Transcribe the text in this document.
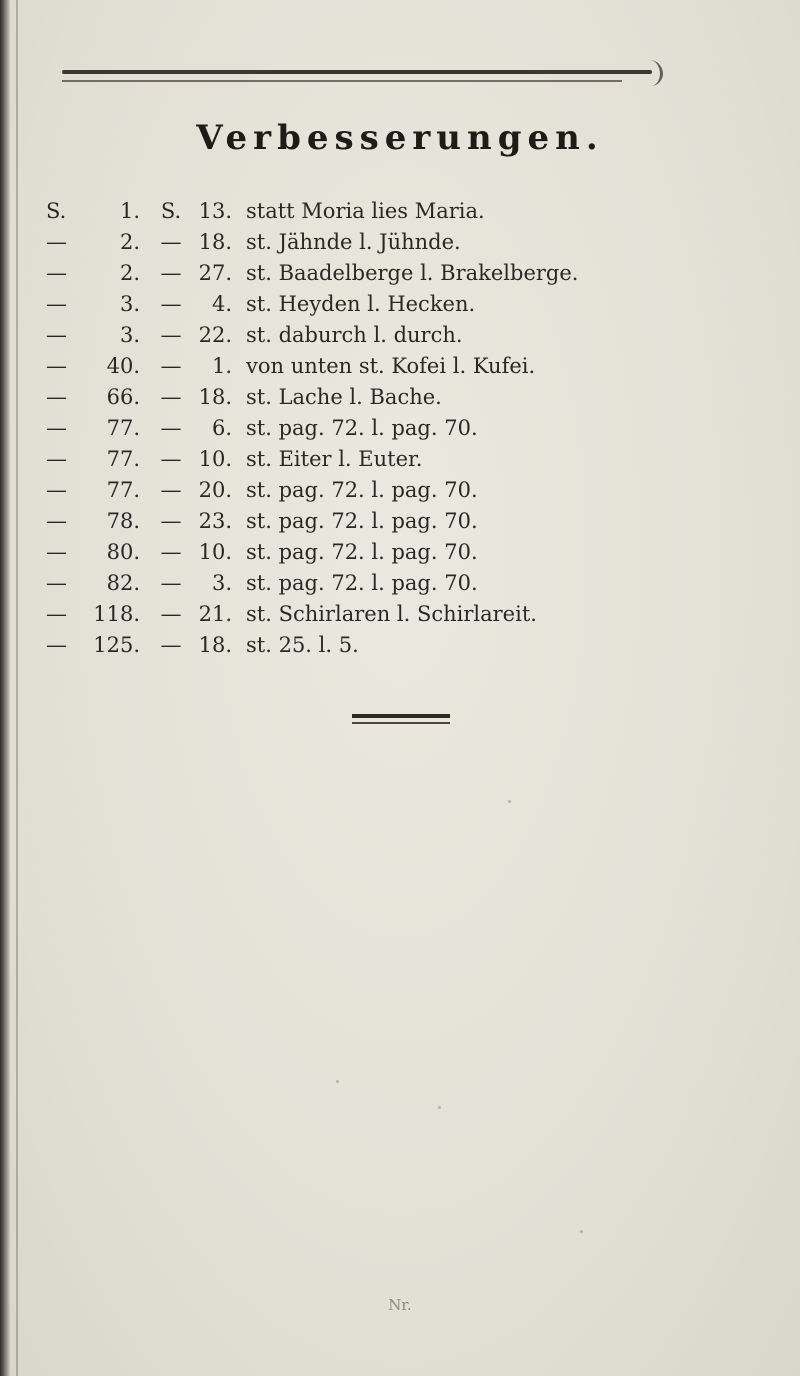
Verbesserungen.
S.	1. S. 13. statt Moria lies Maria.
—	2. — 18. st. Jähnde l. Jühnde.
—	2. — 27. st. Baadelberge l. Brakelberge.
—	3. —	4. st. Heyden l. Hecken.
—	3. — 22. st. daburch l. durch.
—	40. —	1. von unten st. Kofei l. Kufei.
—	66. — 18. st. Lache l. Bache.
—	77. —	6. st. pag. 72. l. pag. 70.
—	77. — 10. st. Eiter l. Euter.
—	77. — 20. st. pag. 72. l. pag. 70.
—	78. — 23. st. pag. 72. l. pag. 70.
—	80. — 10. st. pag. 72. l. pag. 70.
—	82. —	3. st. pag. 72. l. pag. 70.
—	118. — 21. st. Schirlaren l. Schirlareit.
—	125. — 18. st. 25. l. 5.
Nr.
